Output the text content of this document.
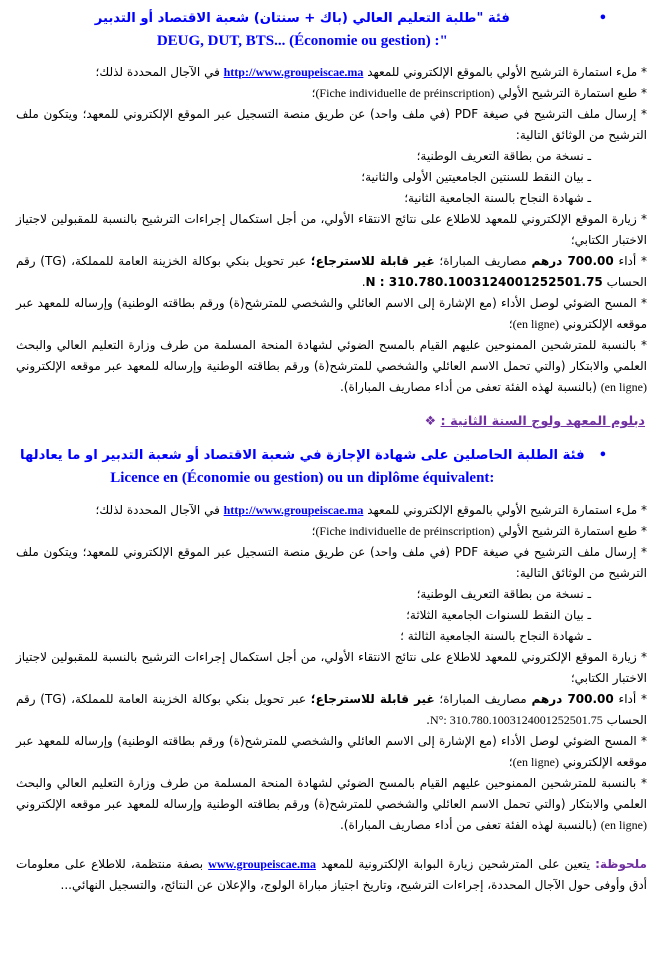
•
فئة "طلبة التعليم العالي (باك + سنتان) شعبة الاقتصاد أو التدبير
DEUG, DUT, BTS... (Économie ou gestion) :"

* ملء استمارة الترشيح الأولي بالموقع الإلكتروني للمعهد http://www.groupeiscae.ma في الآجال المحددة لذلك؛

* طبع استمارة الترشيح الأولي (Fiche individuelle de préinscription)؛

* إرسال ملف الترشيح في صيغة PDF (في ملف واحد) عن طريق منصة التسجيل عبر الموقع الإلكتروني للمعهد؛ ويتكون ملف الترشيح من الوثائق التالية:

ـ نسخة من بطاقة التعريف الوطنية؛

ـ بيان النقط للسنتين الجامعيتين الأولى والثانية؛

ـ شهادة النجاح بالسنة الجامعية الثانية؛

* زيارة الموقع الإلكتروني للمعهد للاطلاع على نتائج الانتقاء الأولي، من أجل استكمال إجراءات الترشيح بالنسبة للمقبولين لاجتياز الاختبار الكتابي؛

* أداء 700.00 درهم مصاريف المباراة؛ غير قابلة للاسترجاع؛ عبر تحويل بنكي بوكالة الخزينة العامة للمملكة، (TG) رقم الحساب N : 310.780.1003124001252501.75.

* المسح الضوئي لوصل الأداء (مع الإشارة إلى الاسم العائلي والشخصي للمترشح(ة) ورقم بطاقته الوطنية) وإرساله للمعهد عبر موقعه الإلكتروني (en ligne)؛

* بالنسبة للمترشحين الممنوحين عليهم القيام بالمسح الضوئي لشهادة المنحة المسلمة من طرف وزارة التعليم العالي والبحث العلمي والابتكار (والتي تحمل الاسم العائلي والشخصي للمترشح(ة) ورقم بطاقته الوطنية وإرساله للمعهد عبر موقعه الإلكتروني (en ligne) (بالنسبة لهذه الفئة تعفى من أداء مصاريف المباراة).

❖ دبلوم المعهد ولوج السنة الثانية :
•
فئة الطلبة الحاصلين على شهادة الإجازة في شعبة الاقتصاد أو شعبة التدبير او ما يعادلها
Licence en (Économie ou gestion) ou un diplôme équivalent:

* ملء استمارة الترشيح الأولي بالموقع الإلكتروني للمعهد http://www.groupeiscae.ma في الآجال المحددة لذلك؛

* طبع استمارة الترشيح الأولي (Fiche individuelle de préinscription)؛

* إرسال ملف الترشيح في صيغة PDF (في ملف واحد) عن طريق منصة التسجيل عبر الموقع الإلكتروني للمعهد؛ ويتكون ملف الترشيح من الوثائق التالية:

ـ نسخة من بطاقة التعريف الوطنية؛

ـ بيان النقط للسنوات الجامعية الثلاثة؛

ـ شهادة النجاح بالسنة الجامعية الثالثة ؛

* زيارة الموقع الإلكتروني للمعهد للاطلاع على نتائج الانتقاء الأولي، من أجل استكمال إجراءات الترشيح بالنسبة للمقبولين لاجتياز الاختبار الكتابي؛

* أداء 700.00 درهم مصاريف المباراة؛ غير قابلة للاسترجاع؛ عبر تحويل بنكي بوكالة الخزينة العامة للمملكة، (TG) رقم الحساب N°: 310.780.1003124001252501.75.

* المسح الضوئي لوصل الأداء (مع الإشارة إلى الاسم العائلي والشخصي للمترشح(ة) ورقم بطاقته الوطنية) وإرساله للمعهد عبر موقعه الإلكتروني (en ligne)؛

* بالنسبة للمترشحين الممنوحين عليهم القيام بالمسح الضوئي لشهادة المنحة المسلمة من طرف وزارة التعليم العالي والبحث العلمي والابتكار (والتي تحمل الاسم العائلي والشخصي للمترشح(ة) ورقم بطاقته الوطنية وإرساله للمعهد عبر موقعه الإلكتروني (en ligne) (بالنسبة لهذه الفئة تعفى من أداء مصاريف المباراة).

ملحوظة: يتعين على المترشحين زيارة البوابة الإلكترونية للمعهد www.groupeiscae.ma بصفة منتظمة، للاطلاع على معلومات أدق وأوفى حول الآجال المحددة، إجراءات الترشيح، وتاريخ اجتياز مباراة الولوج، والإعلان عن النتائج، والتسجيل النهائي...
